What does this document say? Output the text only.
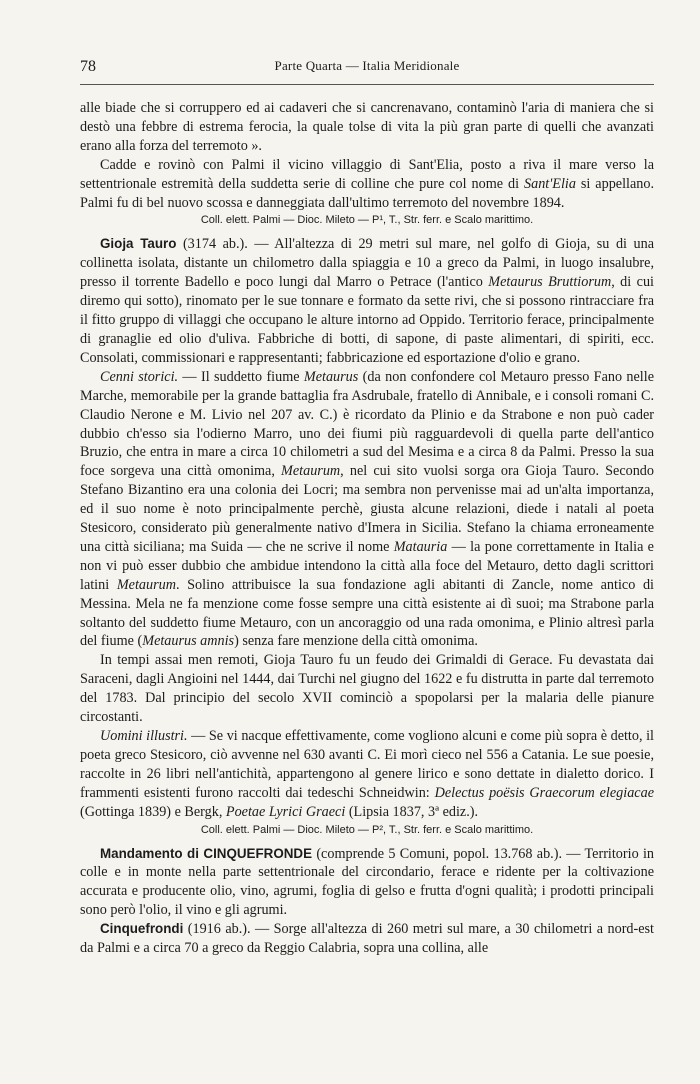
78	Parte Quarta — Italia Meridionale

alle biade che si corruppero ed ai cadaveri che si cancrenavano, contaminò l'aria di maniera che si destò una febbre di estrema ferocia, la quale tolse di vita la più gran parte di quelli che avanzati erano alla forza del terremoto ».

Cadde e rovinò con Palmi il vicino villaggio di Sant'Elia, posto a riva il mare verso la settentrionale estremità della suddetta serie di colline che pure col nome di Sant'Elia si appellano. Palmi fu di bel nuovo scossa e danneggiata dall'ultimo terremoto del novembre 1894.

Coll. elett. Palmi — Dioc. Mileto — P¹, T., Str. ferr. e Scalo marittimo.

Gioja Tauro (3174 ab.). — All'altezza di 29 metri sul mare, nel golfo di Gioja, su di una collinetta isolata, distante un chilometro dalla spiaggia e 10 a greco da Palmi, in luogo insalubre, presso il torrente Badello e poco lungi dal Marro o Petrace (l'antico Metaurus Bruttiorum, di cui diremo qui sotto), rinomato per le sue tonnare e formato da sette rivi, che si possono rintracciare fra il fitto gruppo di villaggi che occupano le alture intorno ad Oppido. Territorio ferace, principalmente di granaglie ed olio d'uliva. Fabbriche di botti, di sapone, di paste alimentari, di spiriti, ecc. Consolati, commissionari e rappresentanti; fabbricazione ed esportazione d'olio e grano.

Cenni storici. — Il suddetto fiume Metaurus (da non confondere col Metauro presso Fano nelle Marche, memorabile per la grande battaglia fra Asdrubale, fratello di Annibale, e i consoli romani C. Claudio Nerone e M. Livio nel 207 av. C.) è ricordato da Plinio e da Strabone e non può cader dubbio ch'esso sia l'odierno Marro, uno dei fiumi più ragguardevoli di quella parte dell'antico Bruzio, che entra in mare a circa 10 chilometri a sud del Mesima e a circa 8 da Palmi. Presso la sua foce sorgeva una città omonima, Metaurum, nel cui sito vuolsi sorga ora Gioja Tauro. Secondo Stefano Bizantino era una colonia dei Locri; ma sembra non pervenisse mai ad un'alta importanza, ed il suo nome è noto principalmente perchè, giusta alcune relazioni, diede i natali al poeta Stesicoro, considerato più generalmente nativo d'Imera in Sicilia. Stefano la chiama erroneamente una città siciliana; ma Suida — che ne scrive il nome Matauria — la pone correttamente in Italia e non vi può esser dubbio che ambidue intendono la città alla foce del Metauro, detto dagli scrittori latini Metaurum. Solino attribuisce la sua fondazione agli abitanti di Zancle, nome antico di Messina. Mela ne fa menzione come fosse sempre una città esistente ai dì suoi; ma Strabone parla soltanto del suddetto fiume Metauro, con un ancoraggio od una rada omonima, e Plinio altresì parla del fiume (Metaurus amnis) senza fare menzione della città omonima.

In tempi assai men remoti, Gioja Tauro fu un feudo dei Grimaldi di Gerace. Fu devastata dai Saraceni, dagli Angioini nel 1444, dai Turchi nel giugno del 1622 e fu distrutta in parte dal terremoto del 1783. Dal principio del secolo XVII cominciò a spopolarsi per la malaria delle pianure circostanti.

Uomini illustri. — Se vi nacque effettivamente, come vogliono alcuni e come più sopra è detto, il poeta greco Stesicoro, ciò avvenne nel 630 avanti C. Ei morì cieco nel 556 a Catania. Le sue poesie, raccolte in 26 libri nell'antichità, appartengono al genere lirico e sono dettate in dialetto dorico. I frammenti esistenti furono raccolti dai tedeschi Schneidwin: Delectus poësis Graecorum elegiacae (Gottinga 1839) e Bergk, Poetae Lyrici Graeci (Lipsia 1837, 3ª ediz.).

Coll. elett. Palmi — Dioc. Mileto — P², T., Str. ferr. e Scalo marittimo.

Mandamento di CINQUEFRONDE (comprende 5 Comuni, popol. 13.768 ab.). — Territorio in colle e in monte nella parte settentrionale del circondario, ferace e ridente per la coltivazione accurata e producente olio, vino, agrumi, foglia di gelso e frutta d'ogni qualità; i prodotti principali sono però l'olio, il vino e gli agrumi.

Cinquefrondi (1916 ab.). — Sorge all'altezza di 260 metri sul mare, a 30 chilometri a nord-est da Palmi e a circa 70 a greco da Reggio Calabria, sopra una collina, alle
